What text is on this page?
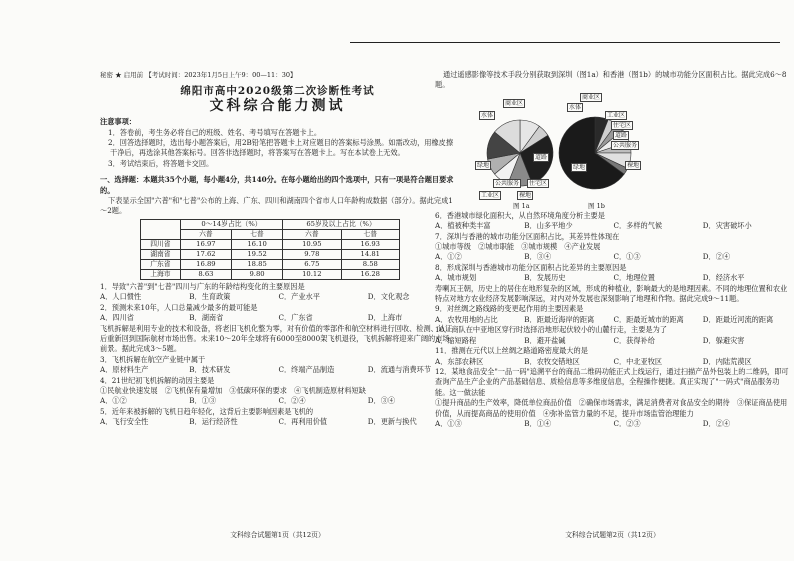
秘密 ★ 启用前 【考试时间：2023年1月5日上午9：00—11：30】
绵阳市高中2020级第二次诊断性考试
文科综合能力测试
注意事项：
1．答卷前，考生务必将自己的班级、姓名、考号填写在答题卡上。
2．回答选择题时，选出每小题答案后，用2B铅笔把答题卡上对应题目的答案标号涂黑。如需改动，用橡皮擦干净后，再选涂其他答案标号。回答非选择题时，将答案写在答题卡上。写在本试卷上无效。
3．考试结束后，将答题卡交回。
一、选择题：本题共35个小题，每小题4分，共140分。在每小题给出的四个选项中，只有一项是符合题目要求的。
下表显示全国"六普"和"七普"公布的上海、广东、四川和湖南四个省市人口年龄构成数据（部分）。据此完成1～2题。
	0～14岁占比（%）		65岁及以上占比（%）	
	六普	七普	六普	七普
四川省	16.97	16.10	10.95	16.93
湖南省	17.62	19.52	9.78	14.81
广东省	16.89	18.85	6.75	8.58
上海市	8.63	9.80	10.12	16.28
1．导致"六普"到"七普"四川与广东的年龄结构变化的主要原因是
A．人口惯性	B．生育政策	C．产业水平	D．文化观念
2．预测未来10年，人口总量减少最多的最可能是
A．四川省	B．湖南省	C．广东省	D．上海市
飞机拆解是利用专业的技术和设备，将老旧飞机化整为零，对有价值的零部件和航空材料进行回收、检测、认证后重新回到国际航材市场出售。未来10～20年全球将有6000至8000架飞机退役，飞机拆解将迎来广阔的市场前景。据此完成3～5题。
3．飞机拆解在航空产业链中属于
A．原材料生产	B．技术研发	C．终端产品制造	D．流通与消费环节
4．21世纪初飞机拆解的动因主要是
①民航业快速发展　②飞机保有量增加　③低碳环保的要求　④飞机制造原材料短缺
A．①②	B．①③	C．②④	D．③④
5．近年来被拆解的飞机日趋年轻化，这背后主要影响因素是飞机的
A．飞行安全性	B．运行经济性	C．再利用价值	D．更新与换代
文科综合试题第1页（共12页）
通过遥感影像等技术手段分别获取到深圳（图1a）和香港（图1b）的城市功能分区面积占比。据此完成6～8题。
水体
商业区
绿地
住宅区
公共服务
道路
工业区	裸地
水体
商业区
工业区
住宅区
道路
公共服务
裸地
绿地
图 1a	图 1b
6．香港城市绿化面积大，从自然环境角度分析主要是
A．植被种类丰富	B．山多平地少	C．多样的气候	D．灾害破坏小
7．深圳与香港的城市功能分区面积占比，其差异性体现在
①城市等级　②城市职能　③城市规模　④产业发展
A．①②	B．③④	C．①③	D．②④
8．形成深圳与香港城市功能分区面积占比差异的主要原因是
A．城市规划	B．发展历史	C．地理位置	D．经济水平
寿喇瓦王朝，历史上的居住在地形复杂的区域，形成的种植业，影响最大的是地理因素。不同的地理位置和农业特点对地方农业经济发展影响深远，对内对外发展也深刻影响了地理和作物。据此完成9～11题。
9．对丝绸之路线路的变更起作用的主要因素是
A．农牧用地的占比	B．距最近海岸的距离	C．距最近城市的距离	D．距最近河流的距离
10．商队在中亚地区穿行时选择沿地形起伏较小的山麓行走，主要是为了
A．缩短路程	B．避开盐碱	C．获得补给	D．躲避灾害
11．推测在元代以上丝绸之路道路密度最大的是
A．东部农耕区	B．农牧交错地区	C．中北亚牧区	D．内陆荒漠区
12．某地食品安全"一品一码"追溯平台的商品二维码功能正式上线运行，通过扫描产品外包装上的二维码，即可查询产品生产企业的产品基础信息、质检信息等多维度信息，全程操作便捷。真正实现了"一码式"商品服务功能。这一做法能
①提升商品的生产效率，降低单位商品价值　②确保市场需求，满足消费者对食品安全的期待　③保证商品使用价值，从而提高商品的使用价值　④弥补监管力量的不足，提升市场监管治理能力
A．①③	B．①④	C．②③	D．②④
文科综合试题第2页（共12页）
